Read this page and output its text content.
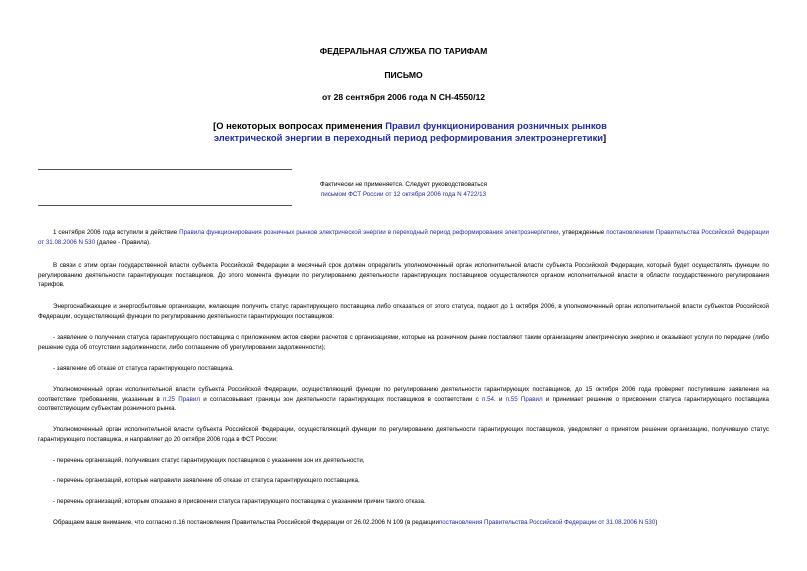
ФЕДЕРАЛЬНАЯ СЛУЖБА ПО ТАРИФАМ
ПИСЬМО
от 28 сентября 2006 года N СН-4550/12
[О некоторых вопросах применения Правил функционирования розничных рынков электрической энергии в переходный период реформирования электроэнергетики]
Фактически не применяется. Следует руководствоваться
письмом ФСТ России от 12 октября 2006 года N 4722/13
1 сентября 2006 года вступили в действие Правила функционирования розничных рынков электрической энергии в переходный период реформирования электроэнергетики, утвержденные постановлением Правительства Российской Федерации от 31.08.2006 N 530 (далее - Правила).
В связи с этим орган государственной власти субъекта Российской Федерации в месячный срок должен определить уполномоченный орган исполнительной власти субъекта Российской Федерации, который будет осуществлять функции по регулированию деятельности гарантирующих поставщиков. До этого момента функции по регулированию деятельности гарантирующих поставщиков осуществляются органом исполнительной власти в области государственного регулирования тарифов.
Энергоснабжающие и энергосбытовые организации, желающие получить статус гарантирующего поставщика либо отказаться от этого статуса, подают до 1 октября 2006, в уполномоченный орган исполнительной власти субъектов Российской Федерации, осуществляющий функции по регулированию деятельности гарантирующих поставщиков:
- заявление о получении статуса гарантирующего поставщика с приложением актов сверки расчетов с организациями, которые на розничном рынке поставляют таким организациям электрическую энергию и оказывают услуги по передаче (либо решение суда об отсутствии задолженности, либо соглашение об урегулировании задолженности);
- заявление об отказе от статуса гарантирующего поставщика.
Уполномоченный орган исполнительной власти субъекта Российской Федерации, осуществляющий функции по регулированию деятельности гарантирующих поставщиков, до 15 октября 2006 года проверяет поступившие заявления на соответствие требованиям, указанным в п.25 Правил и согласовывает границы зон деятельности гарантирующих поставщиков в соответствии с п.54. и п.55 Правил и принимает решение о присвоении статуса гарантирующего поставщика соответствующим субъектам розничного рынка.
Уполномоченный орган исполнительной власти субъекта Российской Федерации, осуществляющий функции по регулированию деятельности гарантирующих поставщиков, уведомляет о принятом решении организацию, получившую статус гарантирующего поставщика, и направляет до 20 октября 2006 года в ФСТ России:
- перечень организаций, получивших статус гарантирующих поставщиков с указанием зон их деятельности,
- перечень организаций, которые направили заявление об отказе от статуса гарантирующего поставщика,
- перечень организаций, которым отказано в присвоении статуса гарантирующего поставщика с указанием причин такого отказа.
Обращаем ваше внимание, что согласно п.16 постановления Правительства Российской Федерации от 26.02.2006 N 109 (в редакциипостановления Правительства Российской Федерации от 31.08.2006 N 530)
